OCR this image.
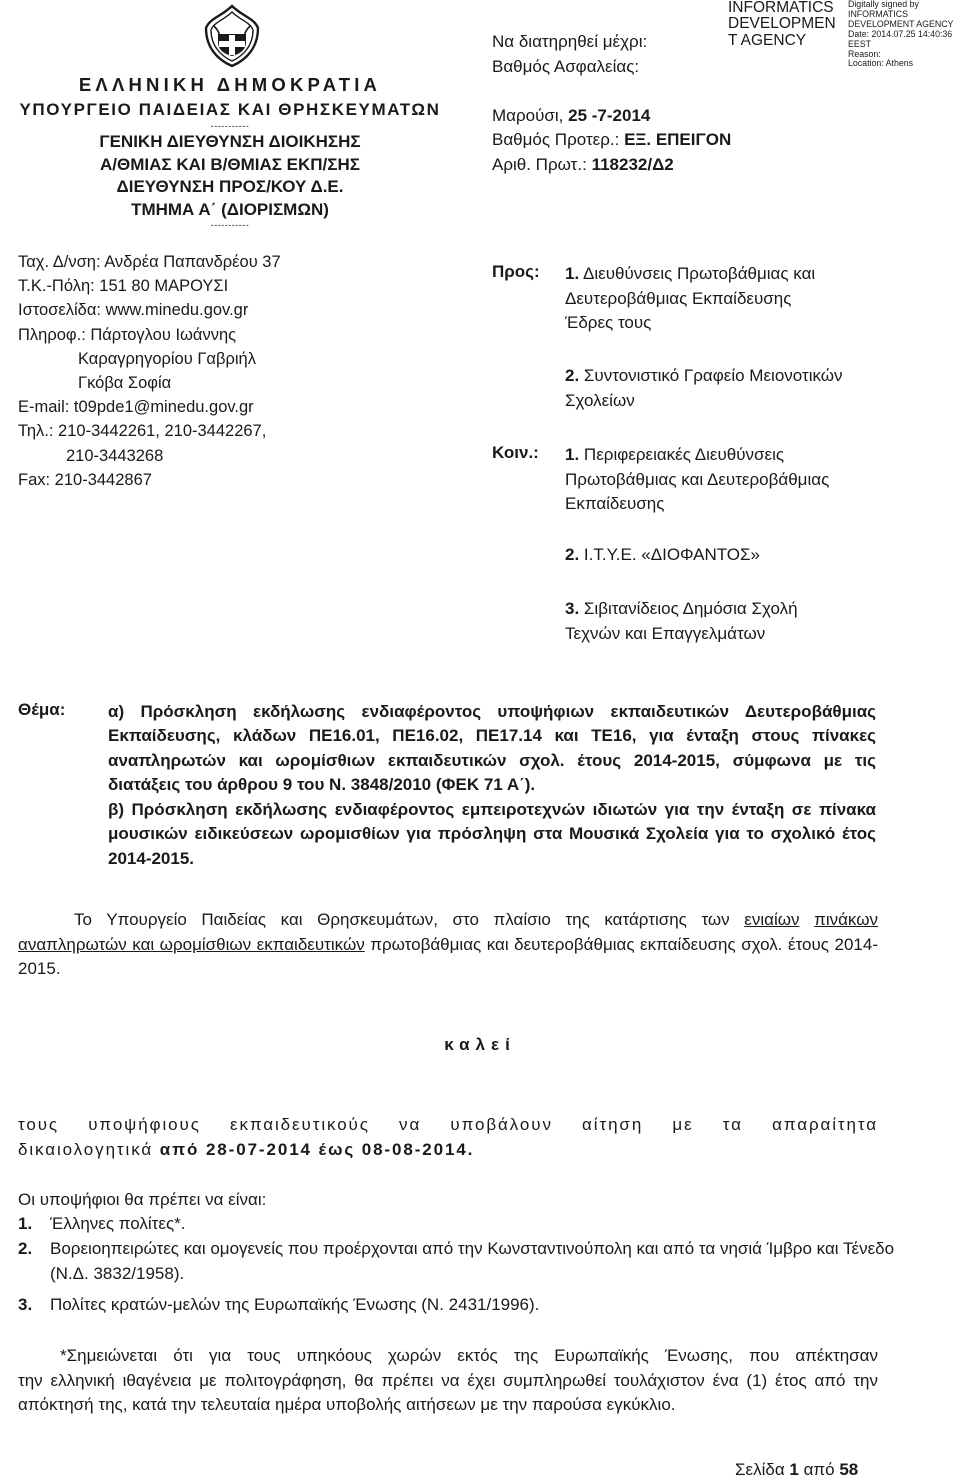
ΕΛΛΗΝΙΚΗ ΔΗΜΟΚΡΑΤΙΑ
ΥΠΟΥΡΓΕΙΟ ΠΑΙΔΕΙΑΣ ΚΑΙ ΘΡΗΣΚΕΥΜΑΤΩΝ
-----------
ΓΕΝΙΚΗ ΔΙΕΥΘΥΝΣΗ ΔΙΟΙΚΗΣΗΣ
Α/ΘΜΙΑΣ ΚΑΙ Β/ΘΜΙΑΣ ΕΚΠ/ΣΗΣ
ΔΙΕΥΘΥΝΣΗ ΠΡΟΣ/ΚΟΥ Δ.Ε.
ΤΜΗΜΑ Α΄ (ΔΙΟΡΙΣΜΩΝ)
-----------
Ταχ. Δ/νση: Ανδρέα Παπανδρέου 37
Τ.Κ.-Πόλη: 151 80 ΜΑΡΟΥΣΙ
Ιστοσελίδα: www.minedu.gov.gr
Πληροφ.: Πάρτογλου Ιωάννης
Καραγρηγορίου Γαβριήλ
Γκόβα Σοφία
E-mail: t09pde1@minedu.gov.gr
Τηλ.: 210-3442261, 210-3442267,
210-3443268
Fax: 210-3442867
Να διατηρηθεί μέχρι:
Βαθμός Ασφαλείας:
Μαρούσι, 25 -7-2014
Βαθμός Προτερ.: ΕΞ. ΕΠΕΙΓΟΝ
Αριθ. Πρωτ.: 118232/Δ2
INFORMATICS
DEVELOPMEN
T AGENCY
Digitally signed by
INFORMATICS
DEVELOPMENT AGENCY
Date: 2014.07.25 14:40:36
EEST
Reason:
Location: Athens
Προς: 1. Διευθύνσεις Πρωτοβάθμιας και
Δευτεροβάθμιας Εκπαίδευσης
Έδρες τους
2. Συντονιστικό Γραφείο Μειονοτικών
Σχολείων
Κοιν.: 1. Περιφερειακές Διευθύνσεις
Πρωτοβάθμιας και Δευτεροβάθμιας
Εκπαίδευσης
2. Ι.Τ.Υ.Ε. «ΔΙΟΦΑΝΤΟΣ»
3. Σιβιτανίδειος Δημόσια Σχολή
Τεχνών και Επαγγελμάτων
Θέμα:	α) Πρόσκληση εκδήλωσης ενδιαφέροντος υποψήφιων εκπαιδευτικών Δευτεροβάθμιας Εκπαίδευσης, κλάδων ΠΕ16.01, ΠΕ16.02, ΠΕ17.14 και ΤΕ16, για ένταξη στους πίνακες αναπληρωτών και ωρομίσθιων εκπαιδευτικών σχολ. έτους 2014-2015, σύμφωνα με τις διατάξεις του άρθρου 9 του Ν. 3848/2010 (ΦΕΚ 71 Α΄).
β) Πρόσκληση εκδήλωσης ενδιαφέροντος εμπειροτεχνών ιδιωτών για την ένταξη σε πίνακα μουσικών ειδικεύσεων ωρομισθίων για πρόσληψη στα Μουσικά Σχολεία για το σχολικό έτος 2014-2015.
Το Υπουργείο Παιδείας και Θρησκευμάτων, στο πλαίσιο της κατάρτισης των ενιαίων πινάκων αναπληρωτών και ωρομίσθιων εκπαιδευτικών πρωτοβάθμιας και δευτεροβάθμιας εκπαίδευσης σχολ. έτους 2014-2015.
καλεί
τους υποψήφιους εκπαιδευτικούς να υποβάλουν αίτηση με τα απαραίτητα
δικαιολογητικά από 28-07-2014 έως 08-08-2014.
Οι υποψήφιοι θα πρέπει να είναι:
1. Έλληνες πολίτες*.
2. Βορειοηπειρώτες και ομογενείς που προέρχονται από την Κωνσταντινούπολη και από τα νησιά Ίμβρο και Τένεδο (Ν.Δ. 3832/1958).
3. Πολίτες κρατών-μελών της Ευρωπαϊκής Ένωσης (Ν. 2431/1996).
*Σημειώνεται ότι για τους υπηκόους χωρών εκτός της Ευρωπαϊκής Ένωσης, που απέκτησαν
την ελληνική ιθαγένεια με πολιτογράφηση, θα πρέπει να έχει συμπληρωθεί τουλάχιστον ένα (1) έτος από την απόκτησή της, κατά την τελευταία ημέρα υποβολής αιτήσεων με την παρούσα εγκύκλιο.
Σελίδα 1 από 58
